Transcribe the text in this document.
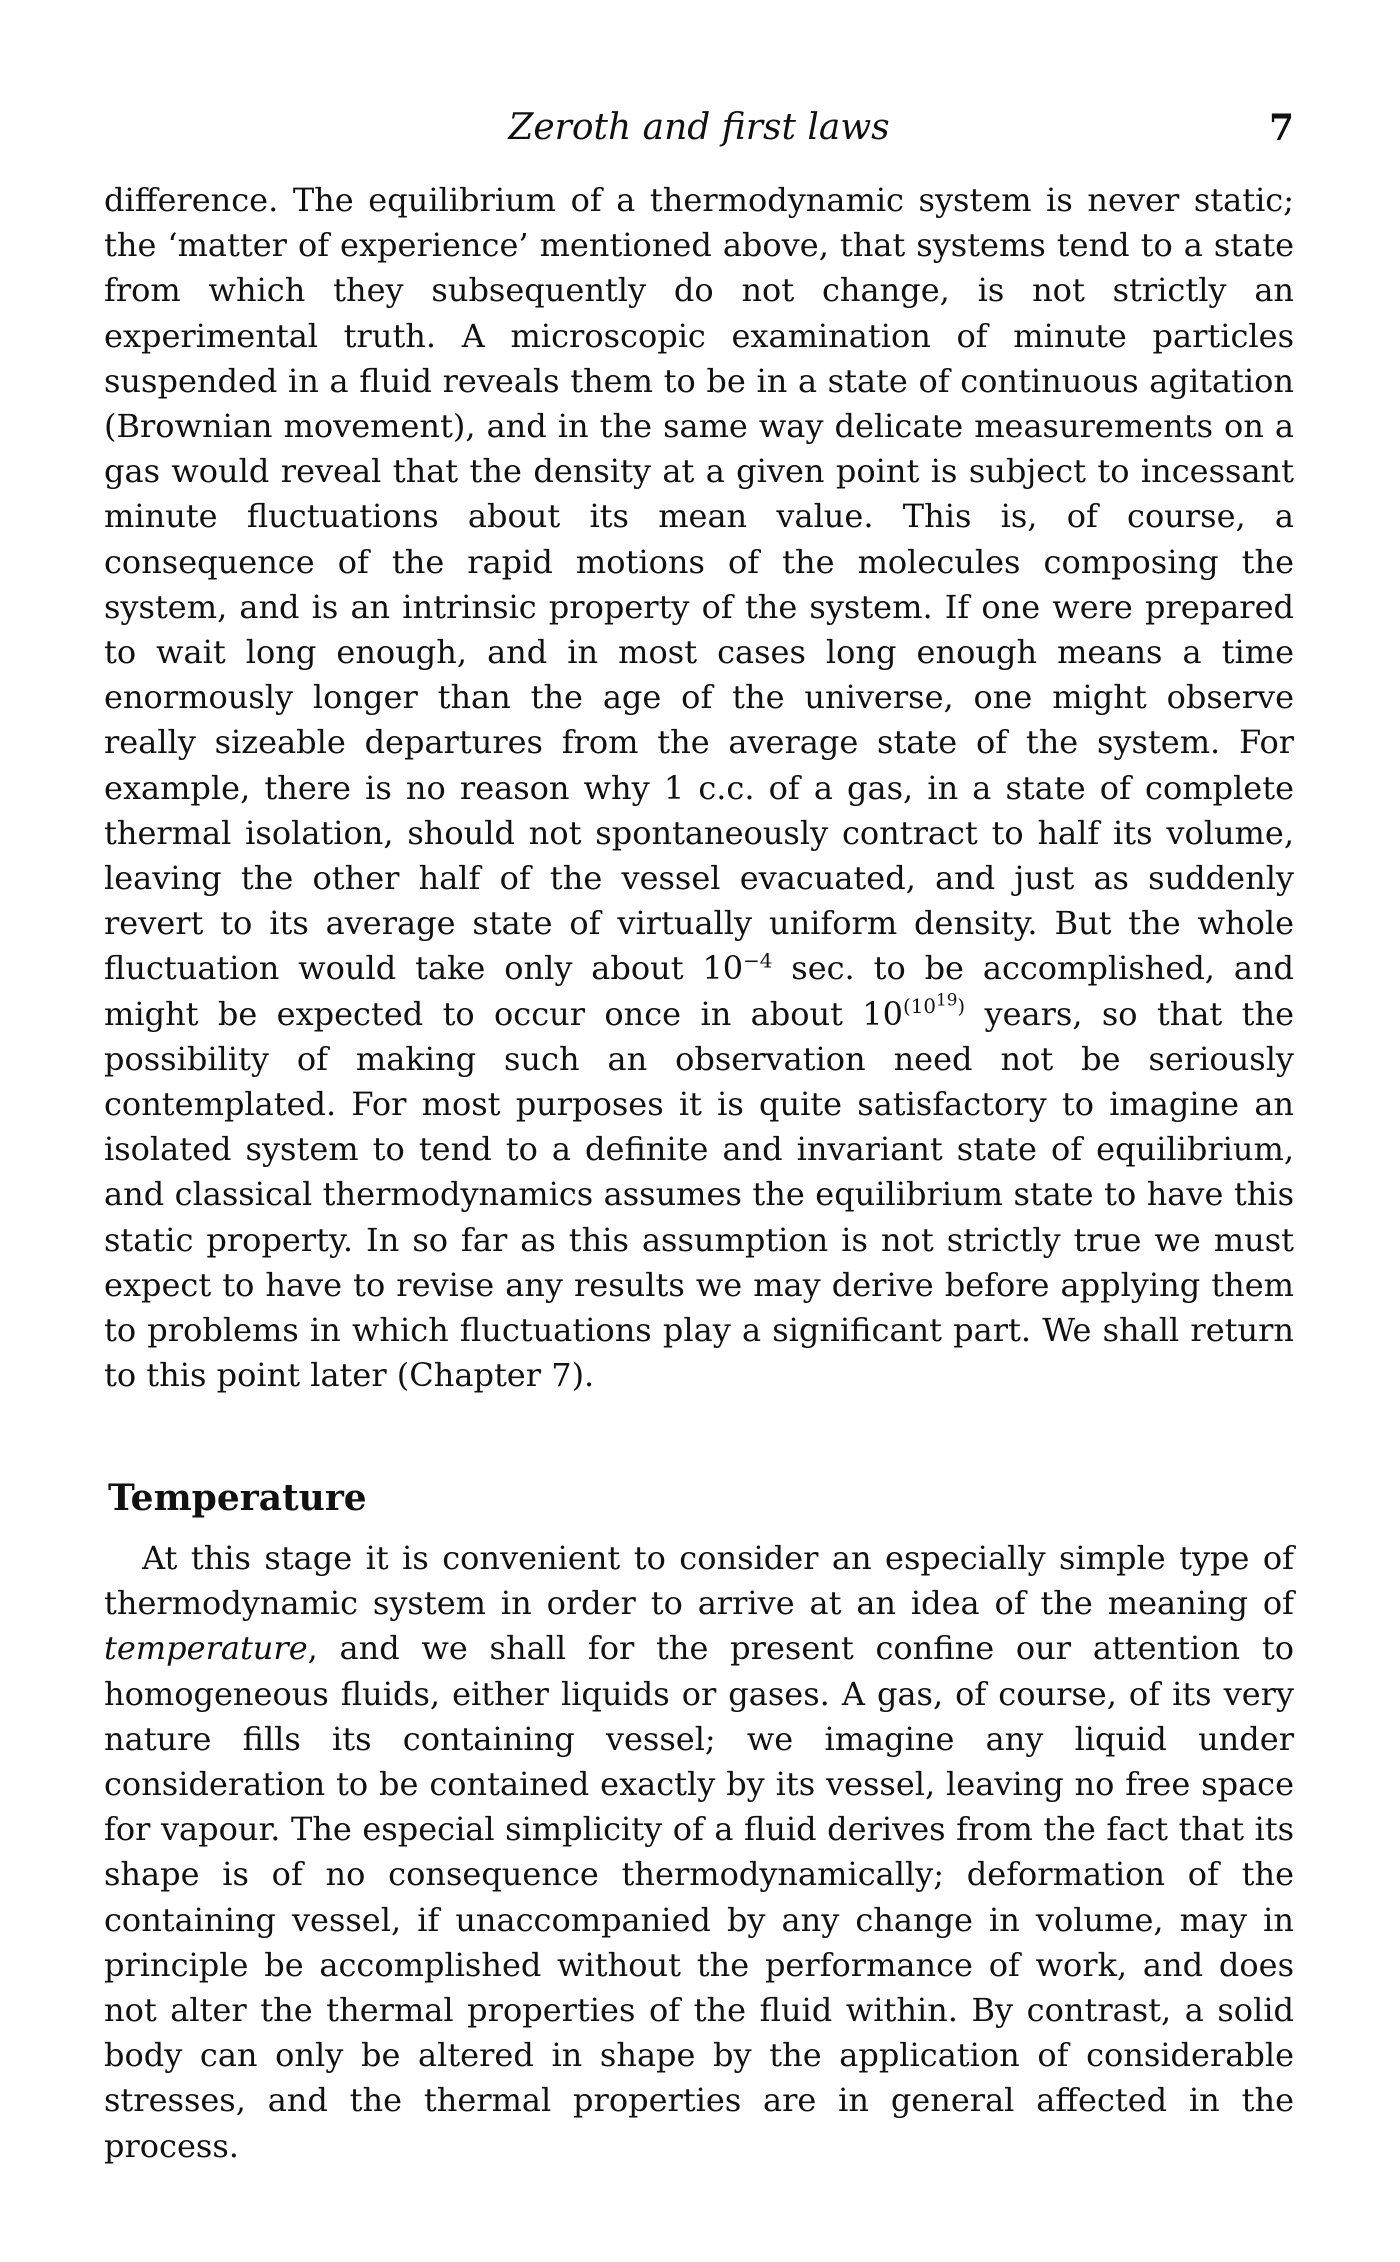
Zeroth and first laws	7

difference. The equilibrium of a thermodynamic system is never static; the ‘matter of experience’ mentioned above, that systems tend to a state from which they subsequently do not change, is not strictly an experimental truth. A microscopic examination of minute particles suspended in a fluid reveals them to be in a state of continuous agitation (Brownian movement), and in the same way delicate measurements on a gas would reveal that the density at a given point is subject to incessant minute fluctuations about its mean value. This is, of course, a consequence of the rapid motions of the molecules composing the system, and is an intrinsic property of the system. If one were prepared to wait long enough, and in most cases long enough means a time enormously longer than the age of the universe, one might observe really sizeable departures from the average state of the system. For example, there is no reason why 1 c.c. of a gas, in a state of complete thermal isolation, should not spontaneously contract to half its volume, leaving the other half of the vessel evacuated, and just as suddenly revert to its average state of virtually uniform density. But the whole fluctuation would take only about $10^{-4}$ sec. to be accomplished, and might be expected to occur once in about $10^{(10^{19})}$ years, so that the possibility of making such an observation need not be seriously contemplated. For most purposes it is quite satisfactory to imagine an isolated system to tend to a definite and invariant state of equilibrium, and classical thermodynamics assumes the equilibrium state to have this static property. In so far as this assumption is not strictly true we must expect to have to revise any results we may derive before applying them to problems in which fluctuations play a significant part. We shall return to this point later (Chapter 7).

Temperature

At this stage it is convenient to consider an especially simple type of thermodynamic system in order to arrive at an idea of the meaning of temperature, and we shall for the present confine our attention to homogeneous fluids, either liquids or gases. A gas, of course, of its very nature fills its containing vessel; we imagine any liquid under consideration to be contained exactly by its vessel, leaving no free space for vapour. The especial simplicity of a fluid derives from the fact that its shape is of no consequence thermodynamically; deformation of the containing vessel, if unaccompanied by any change in volume, may in principle be accomplished without the performance of work, and does not alter the thermal properties of the fluid within. By contrast, a solid body can only be altered in shape by the application of considerable stresses, and the thermal properties are in general affected in the process.
